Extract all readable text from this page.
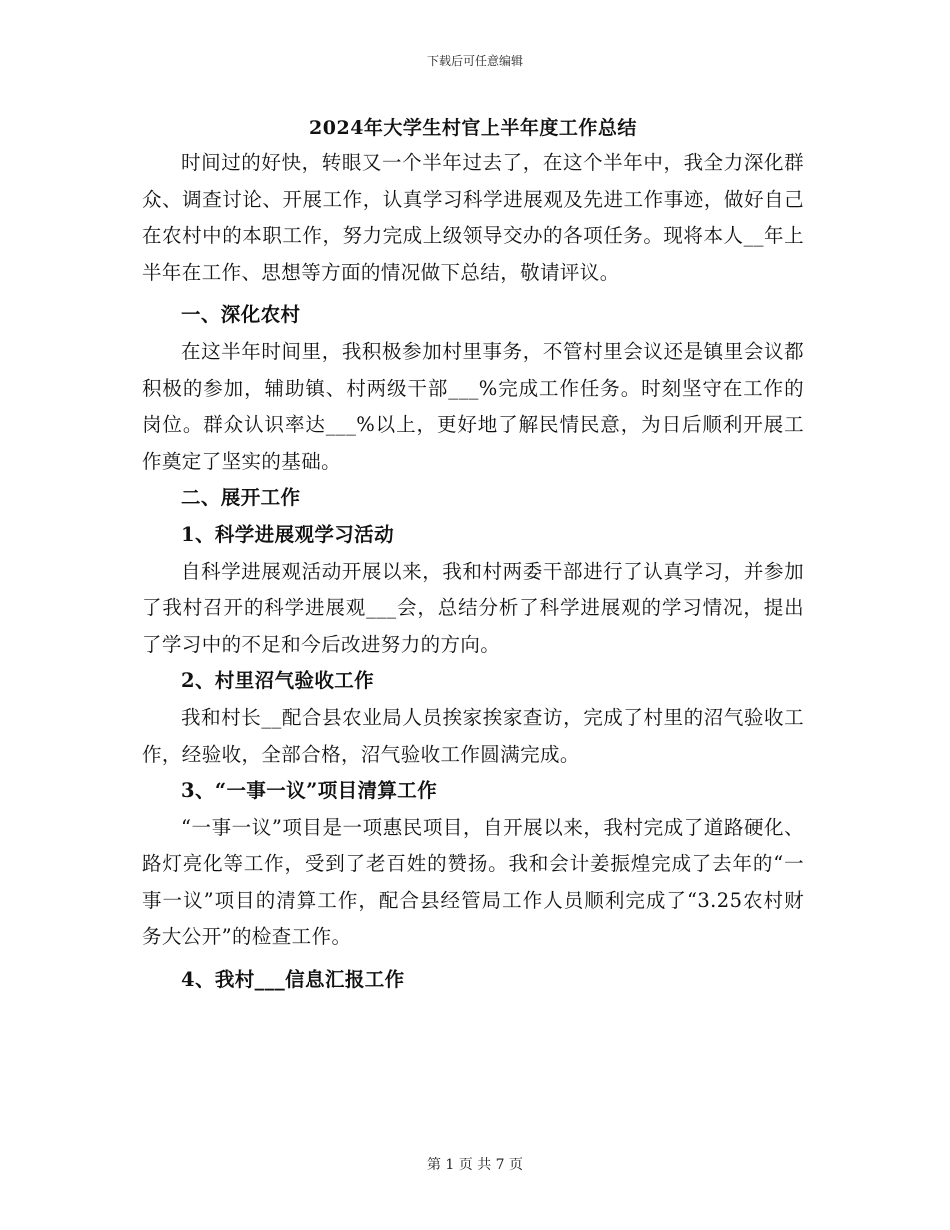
下载后可任意编辑
2024年大学生村官上半年度工作总结

时间过的好快，转眼又一个半年过去了，在这个半年中，我全力深化群众、调查讨论、开展工作，认真学习科学进展观及先进工作事迹，做好自己在农村中的本职工作，努力完成上级领导交办的各项任务。现将本人__年上半年在工作、思想等方面的情况做下总结，敬请评议。

一、深化农村

在这半年时间里，我积极参加村里事务，不管村里会议还是镇里会议都积极的参加，辅助镇、村两级干部___%完成工作任务。时刻坚守在工作的岗位。群众认识率达___%以上，更好地了解民情民意，为日后顺利开展工作奠定了坚实的基础。

二、展开工作

1、科学进展观学习活动

自科学进展观活动开展以来，我和村两委干部进行了认真学习，并参加了我村召开的科学进展观___会，总结分析了科学进展观的学习情况，提出了学习中的不足和今后改进努力的方向。

2、村里沼气验收工作

我和村长__配合县农业局人员挨家挨家查访，完成了村里的沼气验收工作，经验收，全部合格，沼气验收工作圆满完成。

3、“一事一议”项目清算工作

“一事一议”项目是一项惠民项目，自开展以来，我村完成了道路硬化、路灯亮化等工作，受到了老百姓的赞扬。我和会计姜振煌完成了去年的“一事一议”项目的清算工作，配合县经管局工作人员顺利完成了“3.25农村财务大公开”的检查工作。

4、我村___信息汇报工作

第 1 页 共 7 页
